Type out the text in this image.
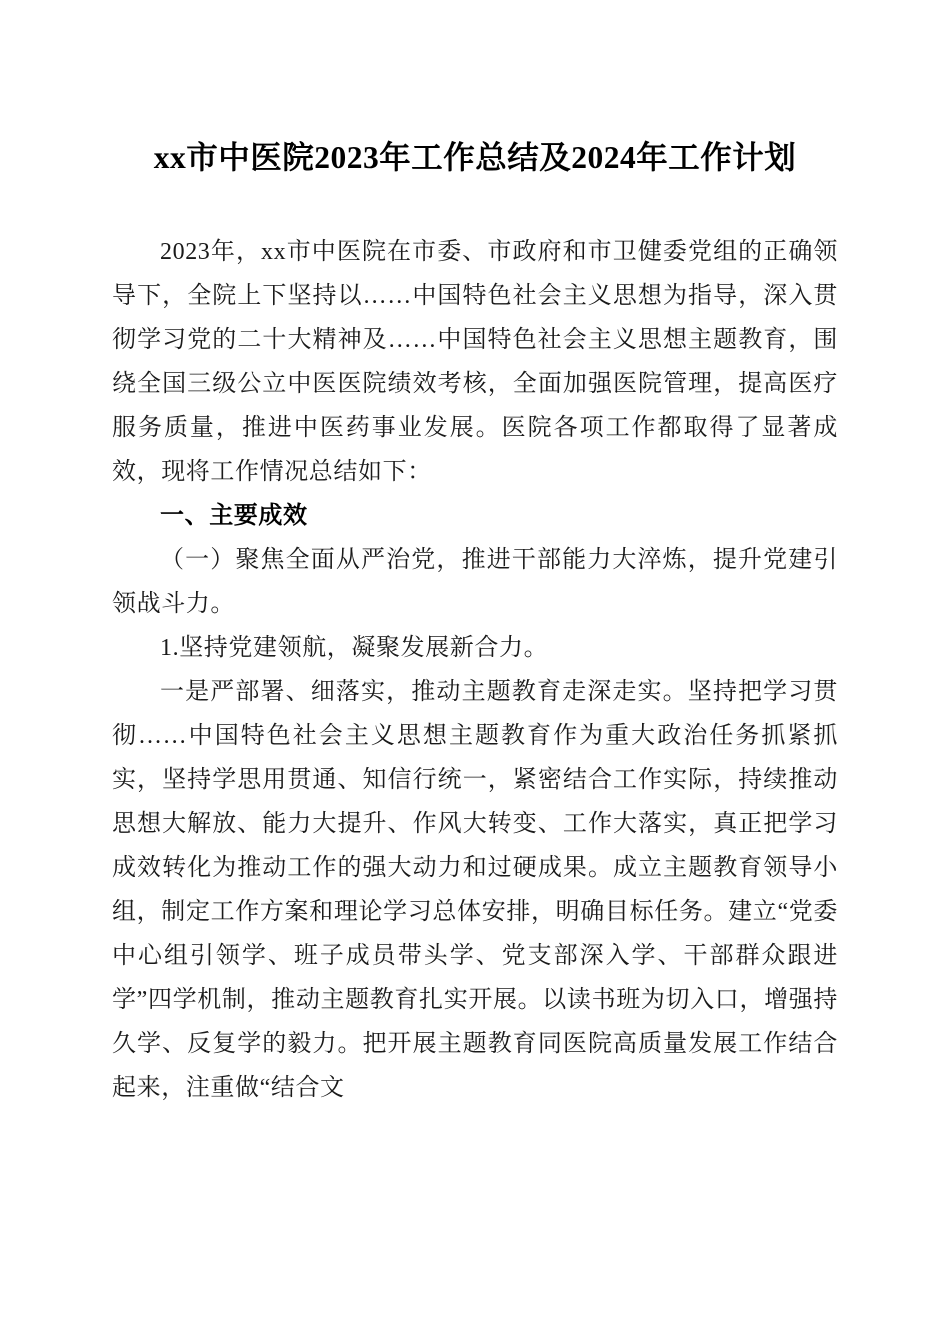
xx市中医院2023年工作总结及2024年工作计划

2023年，xx市中医院在市委、市政府和市卫健委党组的正确领导下，全院上下坚持以……中国特色社会主义思想为指导，深入贯彻学习党的二十大精神及……中国特色社会主义思想主题教育，围绕全国三级公立中医医院绩效考核，全面加强医院管理，提高医疗服务质量，推进中医药事业发展。医院各项工作都取得了显著成效，现将工作情况总结如下：

一、主要成效

（一）聚焦全面从严治党，推进干部能力大淬炼，提升党建引领战斗力。

1.坚持党建领航，凝聚发展新合力。

一是严部署、细落实，推动主题教育走深走实。坚持把学习贯彻……中国特色社会主义思想主题教育作为重大政治任务抓紧抓实，坚持学思用贯通、知信行统一，紧密结合工作实际，持续推动思想大解放、能力大提升、作风大转变、工作大落实，真正把学习成效转化为推动工作的强大动力和过硬成果。成立主题教育领导小组，制定工作方案和理论学习总体安排，明确目标任务。建立“党委中心组引领学、班子成员带头学、党支部深入学、干部群众跟进学”四学机制，推动主题教育扎实开展。以读书班为切入口，增强持久学、反复学的毅力。把开展主题教育同医院高质量发展工作结合起来，注重做“结合文
